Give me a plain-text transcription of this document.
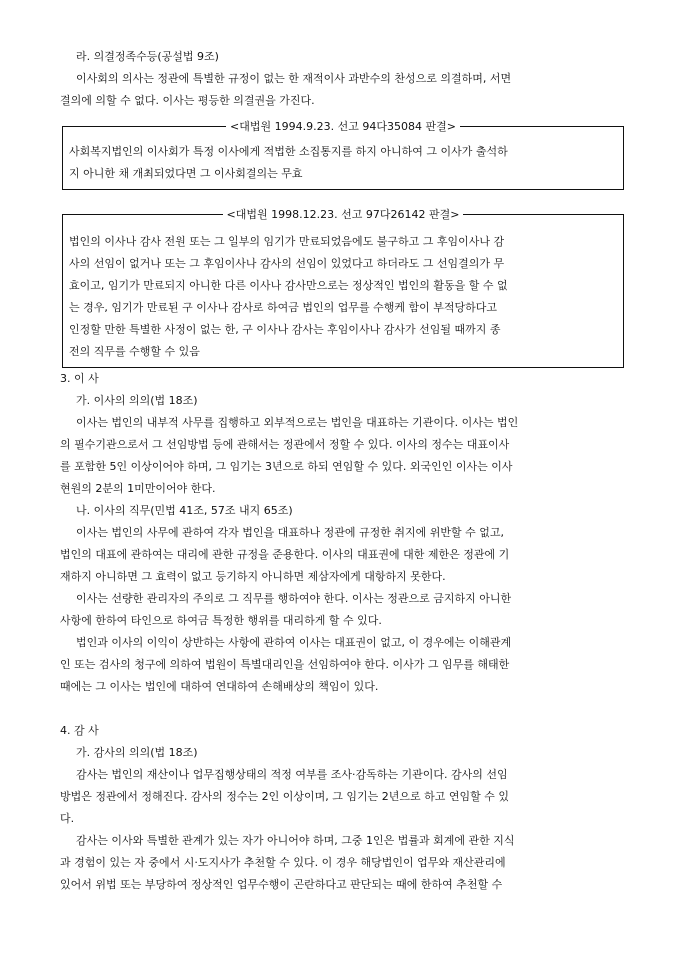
라. 의결정족수등(공설법 9조)

이사회의 의사는 정관에 특별한 규정이 없는 한 재적이사 과반수의 찬성으로 의결하며, 서면

결의에 의할 수 없다. 이사는 평등한 의결권을 가진다.

<대법원 1994.9.23. 선고 94다35084 판결>

사회복지법인의 이사회가 특정 이사에게 적법한 소집통지를 하지 아니하여 그 이사가 출석하

지 아니한 채 개최되었다면 그 이사회결의는 무효

<대법원 1998.12.23. 선고 97다26142 판결>

법인의 이사나 감사 전원 또는 그 일부의 임기가 만료되었음에도 불구하고 그 후임이사나 감

사의 선임이 없거나 또는 그 후임이사나 감사의 선임이 있었다고 하더라도 그 선임결의가 무

효이고, 임기가 만료되지 아니한 다른 이사나 감사만으로는 정상적인 법인의 활동을 할 수 없

는 경우, 임기가 만료된 구 이사나 감사로 하여금 법인의 업무를 수행케 함이 부적당하다고

인정할 만한 특별한 사정이 없는 한, 구 이사나 감사는 후임이사나 감사가 선임될 때까지 종

전의 직무를 수행할 수 있음

3. 이 사

가. 이사의 의의(법 18조)

이사는 법인의 내부적 사무를 집행하고 외부적으로는 법인을 대표하는 기관이다. 이사는 법인

의 필수기관으로서 그 선임방법 등에 관해서는 정관에서 정할 수 있다. 이사의 정수는 대표이사

를 포함한 5인 이상이어야 하며, 그 임기는 3년으로 하되 연임할 수 있다. 외국인인 이사는 이사

현원의 2분의 1미만이어야 한다.

나. 이사의 직무(민법 41조, 57조 내지 65조)

이사는 법인의 사무에 관하여 각자 법인을 대표하나 정관에 규정한 취지에 위반할 수 없고,

법인의 대표에 관하여는 대리에 관한 규정을 준용한다. 이사의 대표권에 대한 제한은 정관에 기

재하지 아니하면 그 효력이 없고 등기하지 아니하면 제삼자에게 대항하지 못한다.

이사는 선량한 관리자의 주의로 그 직무를 행하여야 한다. 이사는 정관으로 금지하지 아니한

사항에 한하여 타인으로 하여금 특정한 행위를 대리하게 할 수 있다.

법인과 이사의 이익이 상반하는 사항에 관하여 이사는 대표권이 없고, 이 경우에는 이해관계

인 또는 검사의 청구에 의하여 법원이 특별대리인을 선임하여야 한다. 이사가 그 임무를 해태한

때에는 그 이사는 법인에 대하여 연대하여 손해배상의 책임이 있다.

4. 감 사

가. 감사의 의의(법 18조)

감사는 법인의 재산이나 업무집행상태의 적정 여부를 조사·감독하는 기관이다. 감사의 선임

방법은 정관에서 정해진다. 감사의 정수는 2인 이상이며, 그 임기는 2년으로 하고 연임할 수 있

다.

감사는 이사와 특별한 관계가 있는 자가 아니어야 하며, 그중 1인은 법률과 회계에 관한 지식

과 경험이 있는 자 중에서 시·도지사가 추천할 수 있다. 이 경우 해당법인이 업무와 재산관리에

있어서 위법 또는 부당하여 정상적인 업무수행이 곤란하다고 판단되는 때에 한하여 추천할 수
